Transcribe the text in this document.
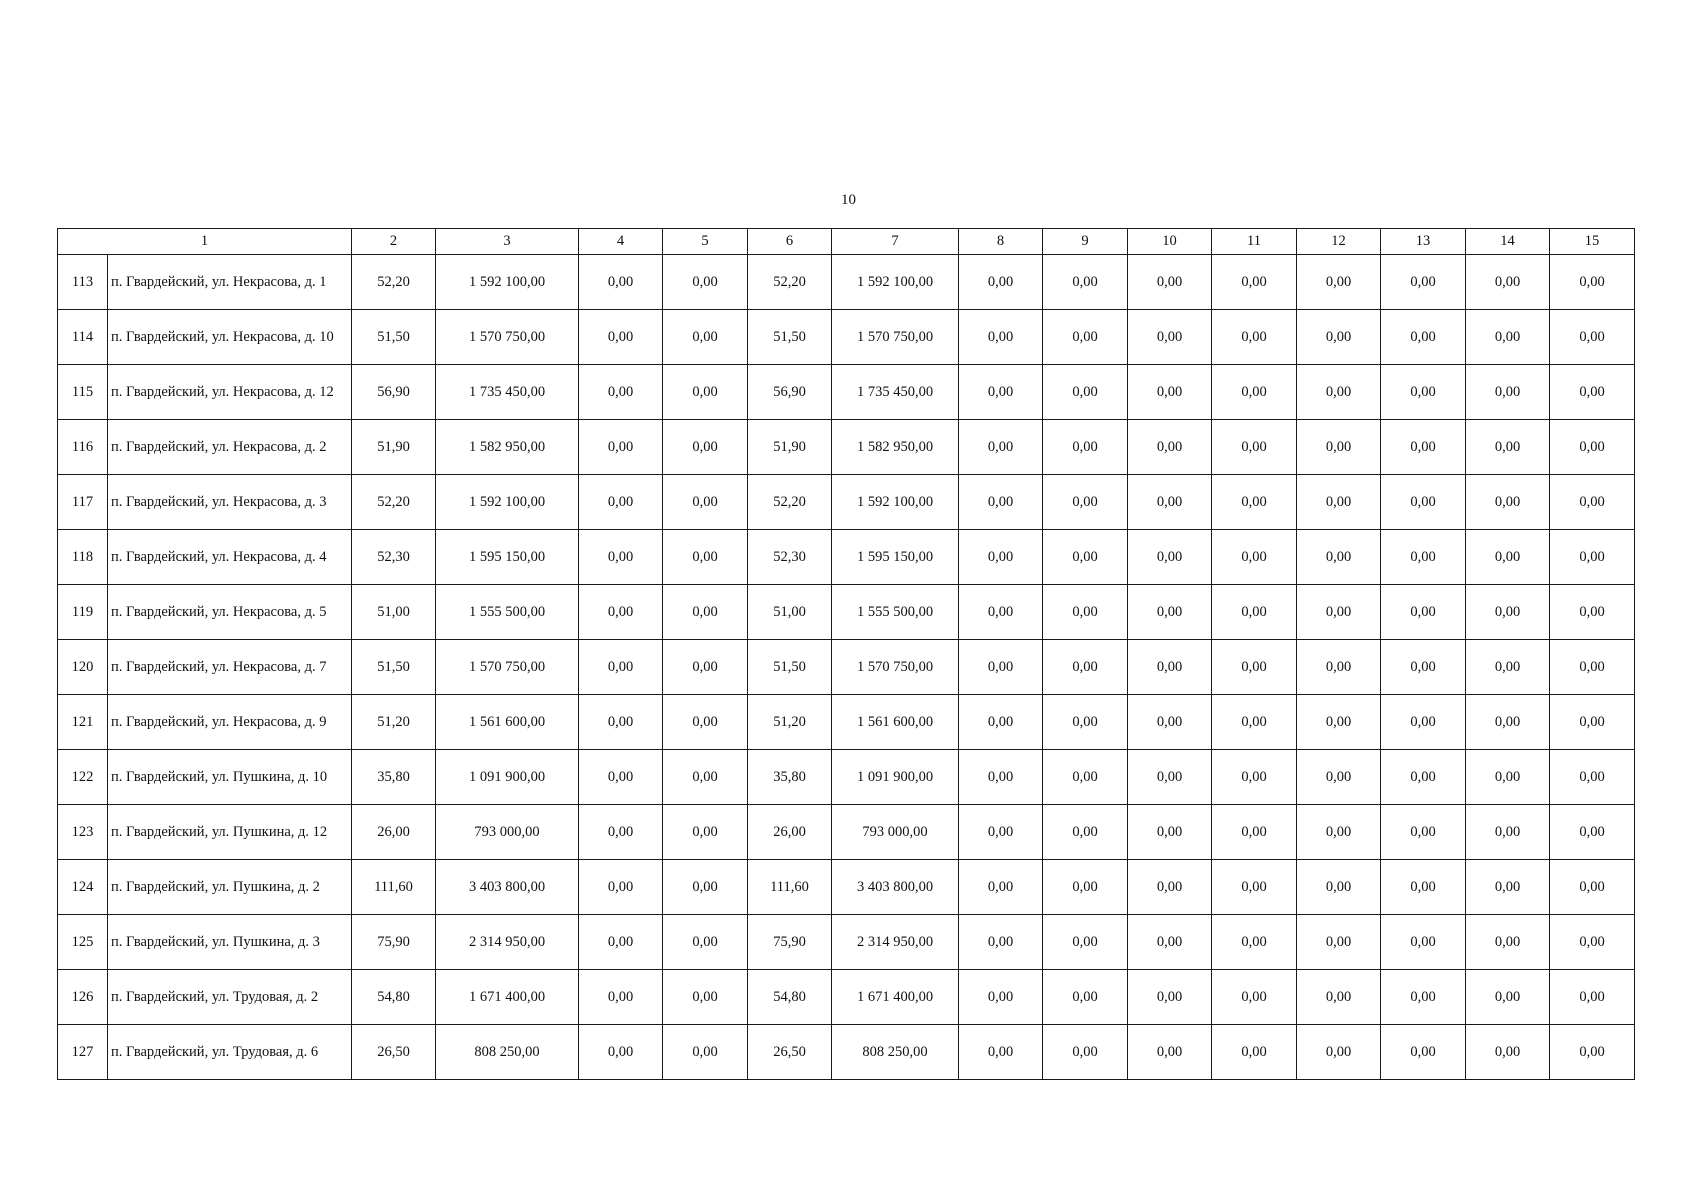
10
1		2	3	4	5	6	7	8	9	10	11	12	13	14	15
113	п. Гвардейский, ул. Некрасова, д. 1	52,20	1 592 100,00	0,00	0,00	52,20	1 592 100,00	0,00	0,00	0,00	0,00	0,00	0,00	0,00	0,00
114	п. Гвардейский, ул. Некрасова, д. 10	51,50	1 570 750,00	0,00	0,00	51,50	1 570 750,00	0,00	0,00	0,00	0,00	0,00	0,00	0,00	0,00
115	п. Гвардейский, ул. Некрасова, д. 12	56,90	1 735 450,00	0,00	0,00	56,90	1 735 450,00	0,00	0,00	0,00	0,00	0,00	0,00	0,00	0,00
116	п. Гвардейский, ул. Некрасова, д. 2	51,90	1 582 950,00	0,00	0,00	51,90	1 582 950,00	0,00	0,00	0,00	0,00	0,00	0,00	0,00	0,00
117	п. Гвардейский, ул. Некрасова, д. 3	52,20	1 592 100,00	0,00	0,00	52,20	1 592 100,00	0,00	0,00	0,00	0,00	0,00	0,00	0,00	0,00
118	п. Гвардейский, ул. Некрасова, д. 4	52,30	1 595 150,00	0,00	0,00	52,30	1 595 150,00	0,00	0,00	0,00	0,00	0,00	0,00	0,00	0,00
119	п. Гвардейский, ул. Некрасова, д. 5	51,00	1 555 500,00	0,00	0,00	51,00	1 555 500,00	0,00	0,00	0,00	0,00	0,00	0,00	0,00	0,00
120	п. Гвардейский, ул. Некрасова, д. 7	51,50	1 570 750,00	0,00	0,00	51,50	1 570 750,00	0,00	0,00	0,00	0,00	0,00	0,00	0,00	0,00
121	п. Гвардейский, ул. Некрасова, д. 9	51,20	1 561 600,00	0,00	0,00	51,20	1 561 600,00	0,00	0,00	0,00	0,00	0,00	0,00	0,00	0,00
122	п. Гвардейский, ул. Пушкина, д. 10	35,80	1 091 900,00	0,00	0,00	35,80	1 091 900,00	0,00	0,00	0,00	0,00	0,00	0,00	0,00	0,00
123	п. Гвардейский, ул. Пушкина, д. 12	26,00	793 000,00	0,00	0,00	26,00	793 000,00	0,00	0,00	0,00	0,00	0,00	0,00	0,00	0,00
124	п. Гвардейский, ул. Пушкина, д. 2	111,60	3 403 800,00	0,00	0,00	111,60	3 403 800,00	0,00	0,00	0,00	0,00	0,00	0,00	0,00	0,00
125	п. Гвардейский, ул. Пушкина, д. 3	75,90	2 314 950,00	0,00	0,00	75,90	2 314 950,00	0,00	0,00	0,00	0,00	0,00	0,00	0,00	0,00
126	п. Гвардейский, ул. Трудовая, д. 2	54,80	1 671 400,00	0,00	0,00	54,80	1 671 400,00	0,00	0,00	0,00	0,00	0,00	0,00	0,00	0,00
127	п. Гвардейский, ул. Трудовая, д. 6	26,50	808 250,00	0,00	0,00	26,50	808 250,00	0,00	0,00	0,00	0,00	0,00	0,00	0,00	0,00
